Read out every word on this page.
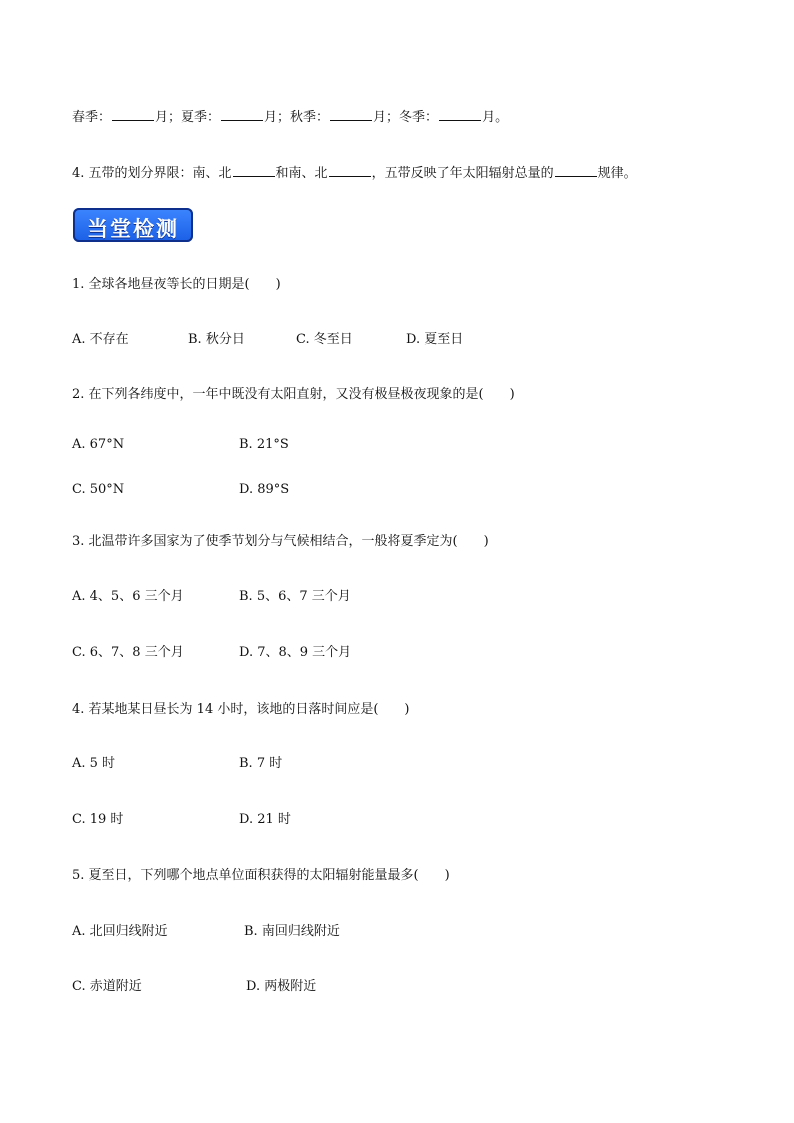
春季：	月；夏季：	月；秋季：	月；冬季：	月。
4. 五带的划分界限：南、北	和南、北	，五带反映了年太阳辐射总量的	规律。
当堂检测
1. 全球各地昼夜等长的日期是(　　)
A. 不存在	B. 秋分日	C. 冬至日	D. 夏至日
2. 在下列各纬度中，一年中既没有太阳直射，又没有极昼极夜现象的是(　　)
A. 67°N	B. 21°S
C. 50°N	D. 89°S
3. 北温带许多国家为了使季节划分与气候相结合，一般将夏季定为(　　)
A. 4、5、6 三个月	B. 5、6、7 三个月
C. 6、7、8 三个月	D. 7、8、9 三个月
4. 若某地某日昼长为 14 小时，该地的日落时间应是(　　)
A. 5 时	B. 7 时
C. 19 时	D. 21 时
5. 夏至日，下列哪个地点单位面积获得的太阳辐射能量最多(　　)
A. 北回归线附近	B. 南回归线附近
C. 赤道附近	D. 两极附近
